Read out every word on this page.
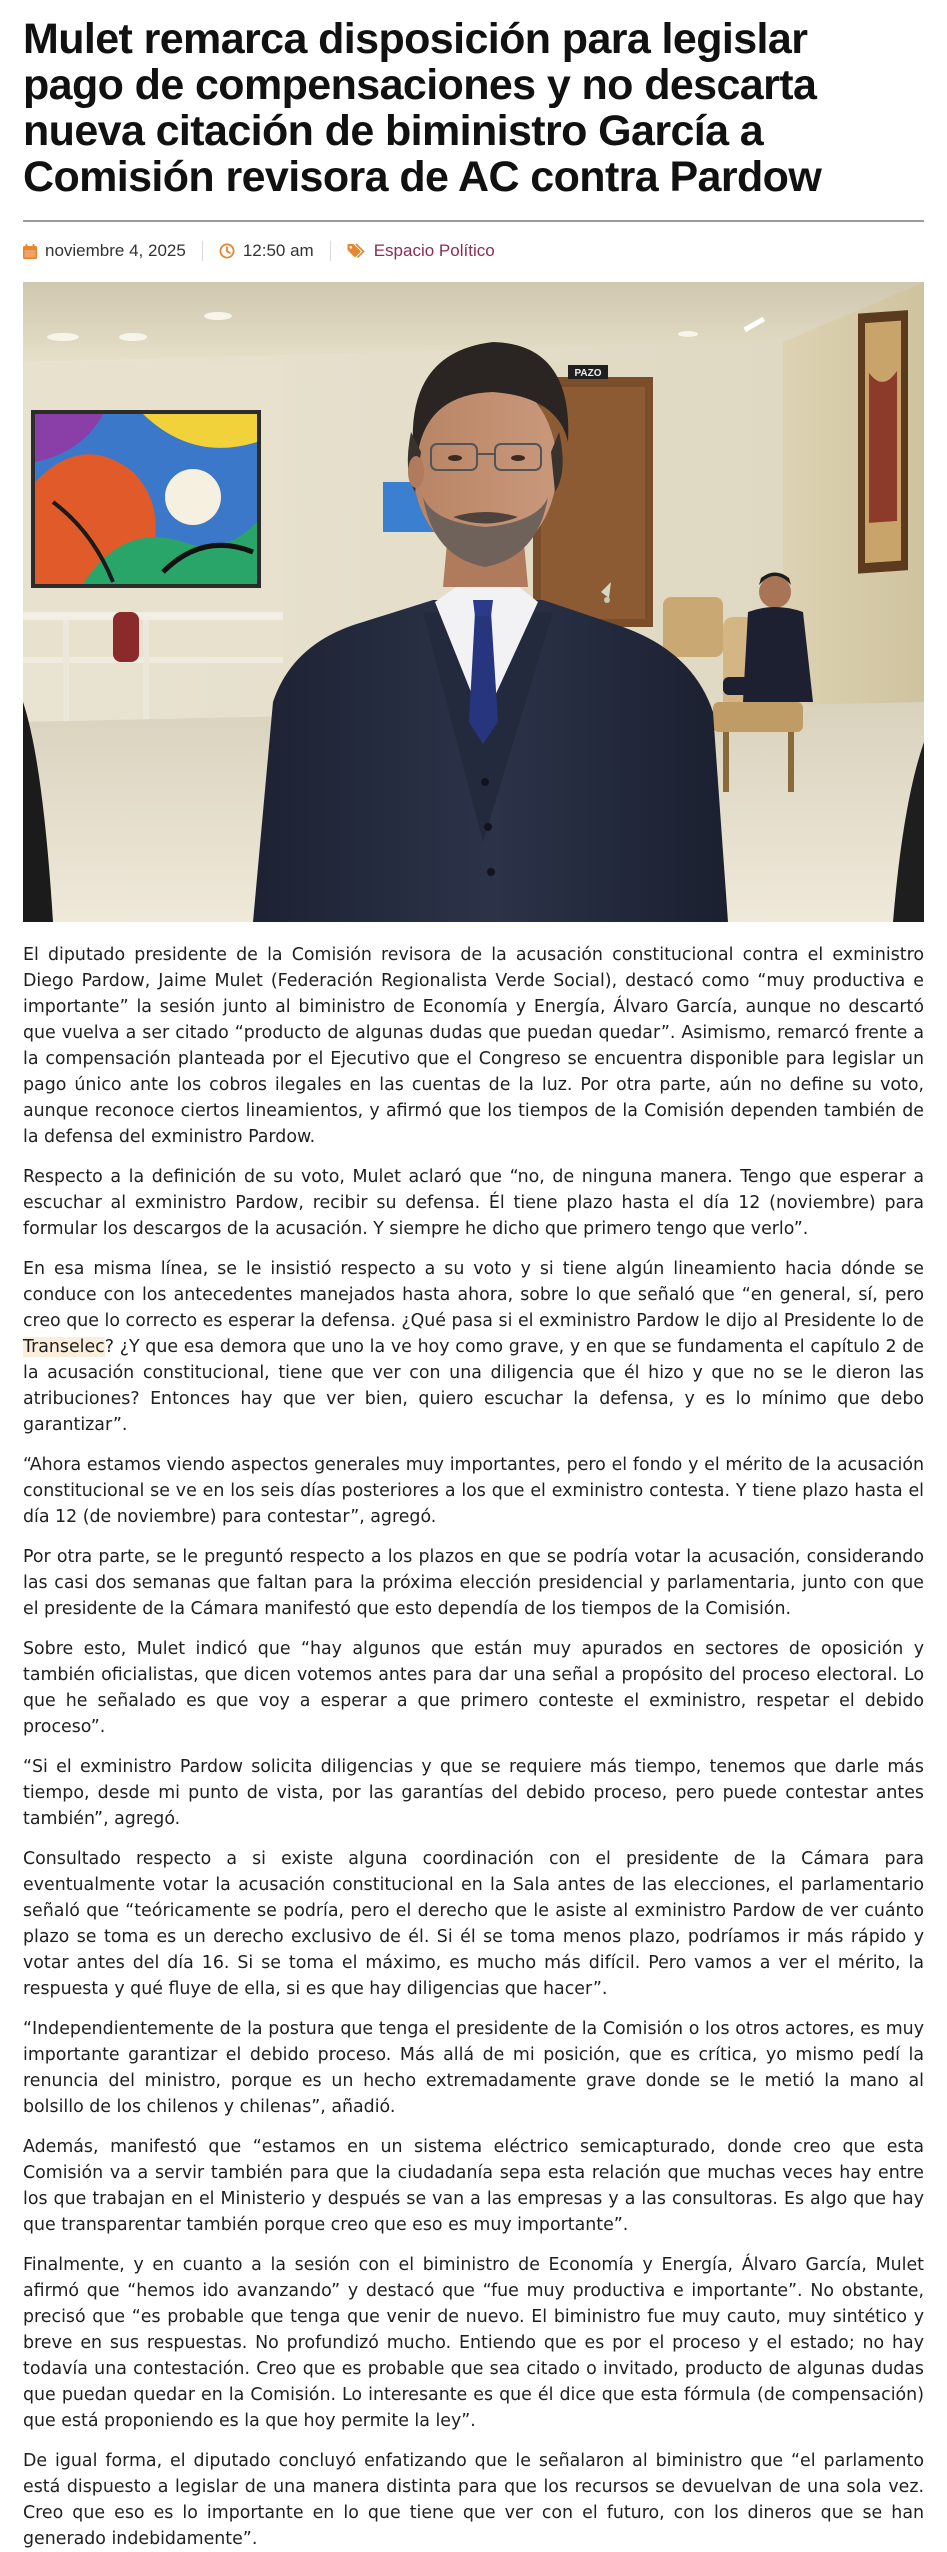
Mulet remarca disposición para legislar pago de compensaciones y no descarta nueva citación de biministro García a Comisión revisora de AC contra Pardow
noviembre 4, 2025	12:50 am	Espacio Político
PAZO

El diputado presidente de la Comisión revisora de la acusación constitucional contra el exministro Diego Pardow, Jaime Mulet (Federación Regionalista Verde Social), destacó como “muy productiva e importante” la sesión junto al biministro de Economía y Energía, Álvaro García, aunque no descartó que vuelva a ser citado “producto de algunas dudas que puedan quedar”. Asimismo, remarcó frente a la compensación planteada por el Ejecutivo que el Congreso se encuentra disponible para legislar un pago único ante los cobros ilegales en las cuentas de la luz. Por otra parte, aún no define su voto, aunque reconoce ciertos lineamientos, y afirmó que los tiempos de la Comisión dependen también de la defensa del exministro Pardow.

Respecto a la definición de su voto, Mulet aclaró que “no, de ninguna manera. Tengo que esperar a escuchar al exministro Pardow, recibir su defensa. Él tiene plazo hasta el día 12 (noviembre) para formular los descargos de la acusación. Y siempre he dicho que primero tengo que verlo”.

En esa misma línea, se le insistió respecto a su voto y si tiene algún lineamiento hacia dónde se conduce con los antecedentes manejados hasta ahora, sobre lo que señaló que “en general, sí, pero creo que lo correcto es esperar la defensa. ¿Qué pasa si el exministro Pardow le dijo al Presidente lo de Transelec? ¿Y que esa demora que uno la ve hoy como grave, y en que se fundamenta el capítulo 2 de la acusación constitucional, tiene que ver con una diligencia que él hizo y que no se le dieron las atribuciones? Entonces hay que ver bien, quiero escuchar la defensa, y es lo mínimo que debo garantizar”.

“Ahora estamos viendo aspectos generales muy importantes, pero el fondo y el mérito de la acusación constitucional se ve en los seis días posteriores a los que el exministro contesta. Y tiene plazo hasta el día 12 (de noviembre) para contestar”, agregó.

Por otra parte, se le preguntó respecto a los plazos en que se podría votar la acusación, considerando las casi dos semanas que faltan para la próxima elección presidencial y parlamentaria, junto con que el presidente de la Cámara manifestó que esto dependía de los tiempos de la Comisión.

Sobre esto, Mulet indicó que “hay algunos que están muy apurados en sectores de oposición y también oficialistas, que dicen votemos antes para dar una señal a propósito del proceso electoral. Lo que he señalado es que voy a esperar a que primero conteste el exministro, respetar el debido proceso”.

“Si el exministro Pardow solicita diligencias y que se requiere más tiempo, tenemos que darle más tiempo, desde mi punto de vista, por las garantías del debido proceso, pero puede contestar antes también”, agregó.

Consultado respecto a si existe alguna coordinación con el presidente de la Cámara para eventualmente votar la acusación constitucional en la Sala antes de las elecciones, el parlamentario señaló que “teóricamente se podría, pero el derecho que le asiste al exministro Pardow de ver cuánto plazo se toma es un derecho exclusivo de él. Si él se toma menos plazo, podríamos ir más rápido y votar antes del día 16. Si se toma el máximo, es mucho más difícil. Pero vamos a ver el mérito, la respuesta y qué fluye de ella, si es que hay diligencias que hacer”.

“Independientemente de la postura que tenga el presidente de la Comisión o los otros actores, es muy importante garantizar el debido proceso. Más allá de mi posición, que es crítica, yo mismo pedí la renuncia del ministro, porque es un hecho extremadamente grave donde se le metió la mano al bolsillo de los chilenos y chilenas”, añadió.

Además, manifestó que “estamos en un sistema eléctrico semicapturado, donde creo que esta Comisión va a servir también para que la ciudadanía sepa esta relación que muchas veces hay entre los que trabajan en el Ministerio y después se van a las empresas y a las consultoras. Es algo que hay que transparentar también porque creo que eso es muy importante”.

Finalmente, y en cuanto a la sesión con el biministro de Economía y Energía, Álvaro García, Mulet afirmó que “hemos ido avanzando” y destacó que “fue muy productiva e importante”. No obstante, precisó que “es probable que tenga que venir de nuevo. El biministro fue muy cauto, muy sintético y breve en sus respuestas. No profundizó mucho. Entiendo que es por el proceso y el estado; no hay todavía una contestación. Creo que es probable que sea citado o invitado, producto de algunas dudas que puedan quedar en la Comisión. Lo interesante es que él dice que esta fórmula (de compensación) que está proponiendo es la que hoy permite la ley”.

De igual forma, el diputado concluyó enfatizando que le señalaron al biministro que “el parlamento está dispuesto a legislar de una manera distinta para que los recursos se devuelvan de una sola vez. Creo que eso es lo importante en lo que tiene que ver con el futuro, con los dineros que se han generado indebidamente”.
